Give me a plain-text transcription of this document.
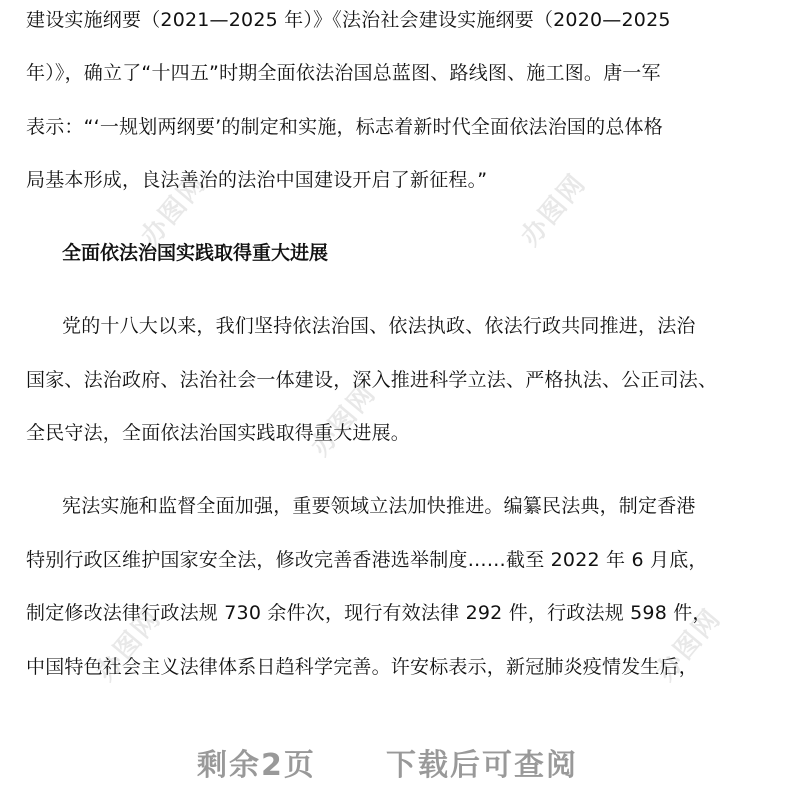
办图网	办图网
办图网
办图网	办图网
建设实施纲要（2021—2025 年）》《法治社会建设实施纲要（2020—2025
年）》，确立了“十四五”时期全面依法治国总蓝图、路线图、施工图。唐一军
表示：“‘一规划两纲要’的制定和实施，标志着新时代全面依法治国的总体格
局基本形成，良法善治的法治中国建设开启了新征程。”
全面依法治国实践取得重大进展
党的十八大以来，我们坚持依法治国、依法执政、依法行政共同推进，法治
国家、法治政府、法治社会一体建设，深入推进科学立法、严格执法、公正司法、
全民守法，全面依法治国实践取得重大进展。
宪法实施和监督全面加强，重要领域立法加快推进。编纂民法典，制定香港
特别行政区维护国家安全法，修改完善香港选举制度……截至 2022 年 6 月底，
制定修改法律行政法规 730 余件次，现行有效法律 292 件，行政法规 598 件，
中国特色社会主义法律体系日趋科学完善。许安标表示，新冠肺炎疫情发生后，
剩余2页 下载后可查阅
